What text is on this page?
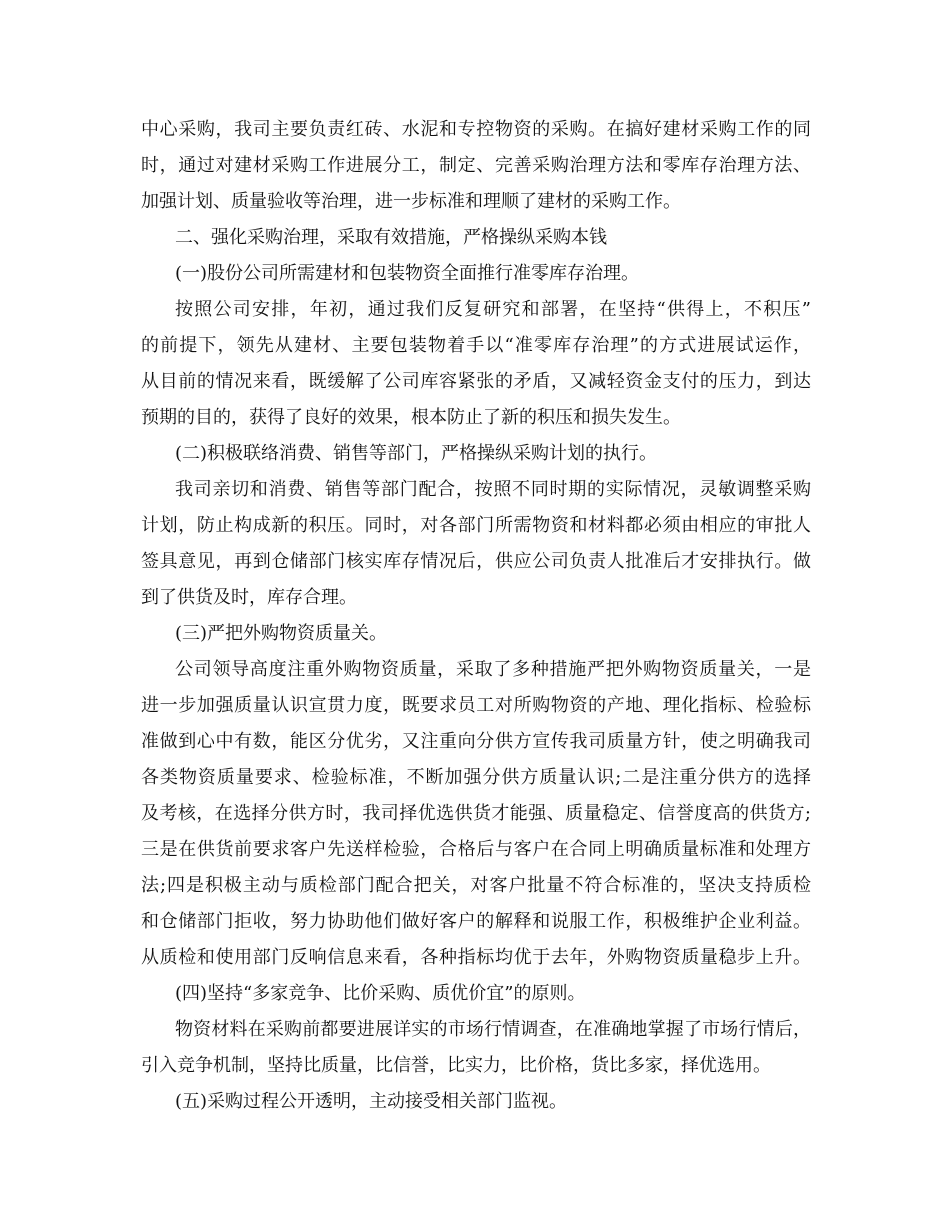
中心采购，我司主要负责红砖、水泥和专控物资的采购。在搞好建材采购工作的同
时，通过对建材采购工作进展分工，制定、完善采购治理方法和零库存治理方法、
加强计划、质量验收等治理，进一步标准和理顺了建材的采购工作。
二、强化采购治理，采取有效措施，严格操纵采购本钱
(一)股份公司所需建材和包装物资全面推行准零库存治理。
按照公司安排，年初，通过我们反复研究和部署，在坚持“供得上，不积压”
的前提下，领先从建材、主要包装物着手以“准零库存治理”的方式进展试运作，
从目前的情况来看，既缓解了公司库容紧张的矛盾，又减轻资金支付的压力，到达
预期的目的，获得了良好的效果，根本防止了新的积压和损失发生。
(二)积极联络消费、销售等部门，严格操纵采购计划的执行。
我司亲切和消费、销售等部门配合，按照不同时期的实际情况，灵敏调整采购
计划，防止构成新的积压。同时，对各部门所需物资和材料都必须由相应的审批人
签具意见，再到仓储部门核实库存情况后，供应公司负责人批准后才安排执行。做
到了供货及时，库存合理。
(三)严把外购物资质量关。
公司领导高度注重外购物资质量，采取了多种措施严把外购物资质量关，一是
进一步加强质量认识宣贯力度，既要求员工对所购物资的产地、理化指标、检验标
准做到心中有数，能区分优劣，又注重向分供方宣传我司质量方针，使之明确我司
各类物资质量要求、检验标准，不断加强分供方质量认识;二是注重分供方的选择
及考核，在选择分供方时，我司择优选供货才能强、质量稳定、信誉度高的供货方;
三是在供货前要求客户先送样检验，合格后与客户在合同上明确质量标准和处理方
法;四是积极主动与质检部门配合把关，对客户批量不符合标准的，坚决支持质检
和仓储部门拒收，努力协助他们做好客户的解释和说服工作，积极维护企业利益。
从质检和使用部门反响信息来看，各种指标均优于去年，外购物资质量稳步上升。
(四)坚持“多家竞争、比价采购、质优价宜”的原则。
物资材料在采购前都要进展详实的市场行情调查，在准确地掌握了市场行情后，
引入竞争机制，坚持比质量，比信誉，比实力，比价格，货比多家，择优选用。
(五)采购过程公开透明，主动接受相关部门监视。
